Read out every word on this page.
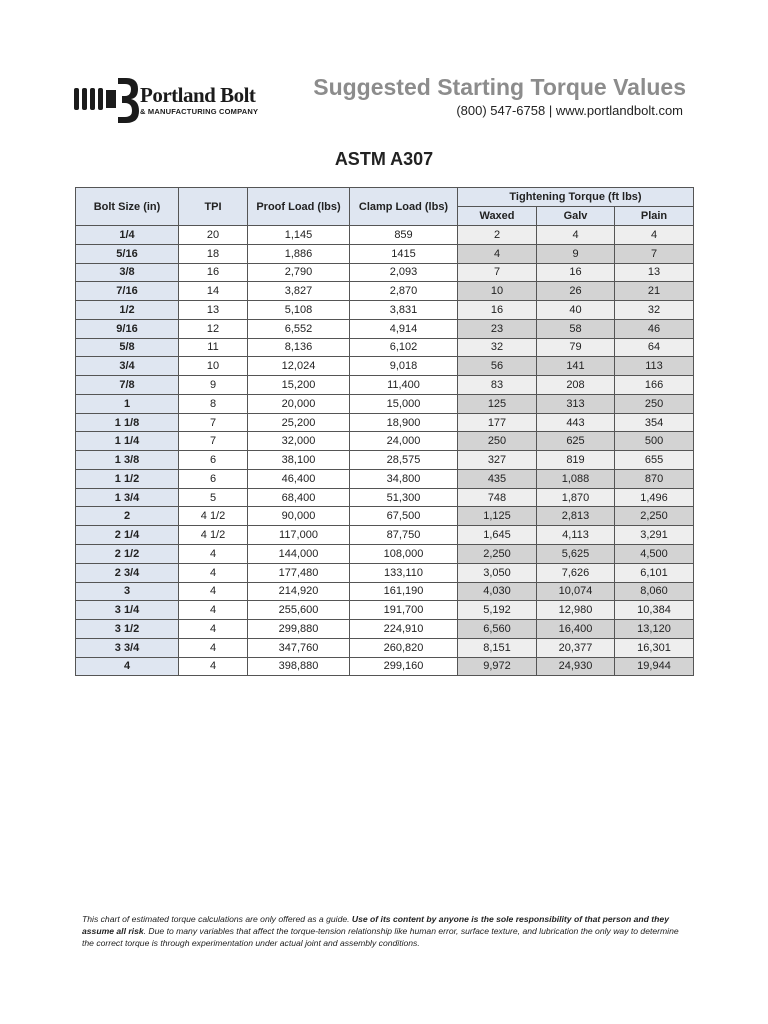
Portland Bolt
& MANUFACTURING COMPANY
Suggested Starting Torque Values
(800) 547-6758 | www.portlandbolt.com
ASTM A307
Bolt Size (in)	TPI	Proof Load (lbs)	Clamp Load (lbs)	Tightening Torque (ft lbs)		
				Waxed	Galv	Plain
1/4	20	1,145	859	2	4	4
5/16	18	1,886	1415	4	9	7
3/8	16	2,790	2,093	7	16	13
7/16	14	3,827	2,870	10	26	21
1/2	13	5,108	3,831	16	40	32
9/16	12	6,552	4,914	23	58	46
5/8	11	8,136	6,102	32	79	64
3/4	10	12,024	9,018	56	141	113
7/8	9	15,200	11,400	83	208	166
1	8	20,000	15,000	125	313	250
1 1/8	7	25,200	18,900	177	443	354
1 1/4	7	32,000	24,000	250	625	500
1 3/8	6	38,100	28,575	327	819	655
1 1/2	6	46,400	34,800	435	1,088	870
1 3/4	5	68,400	51,300	748	1,870	1,496
2	4 1/2	90,000	67,500	1,125	2,813	2,250
2 1/4	4 1/2	117,000	87,750	1,645	4,113	3,291
2 1/2	4	144,000	108,000	2,250	5,625	4,500
2 3/4	4	177,480	133,110	3,050	7,626	6,101
3	4	214,920	161,190	4,030	10,074	8,060
3 1/4	4	255,600	191,700	5,192	12,980	10,384
3 1/2	4	299,880	224,910	6,560	16,400	13,120
3 3/4	4	347,760	260,820	8,151	20,377	16,301
4	4	398,880	299,160	9,972	24,930	19,944
This chart of estimated torque calculations are only offered as a guide. Use of its content by anyone is the sole responsibility of that person and they assume all risk. Due to many variables that affect the torque-tension relationship like human error, surface texture, and lubrication the only way to determine the correct torque is through experimentation under actual joint and assembly conditions.
